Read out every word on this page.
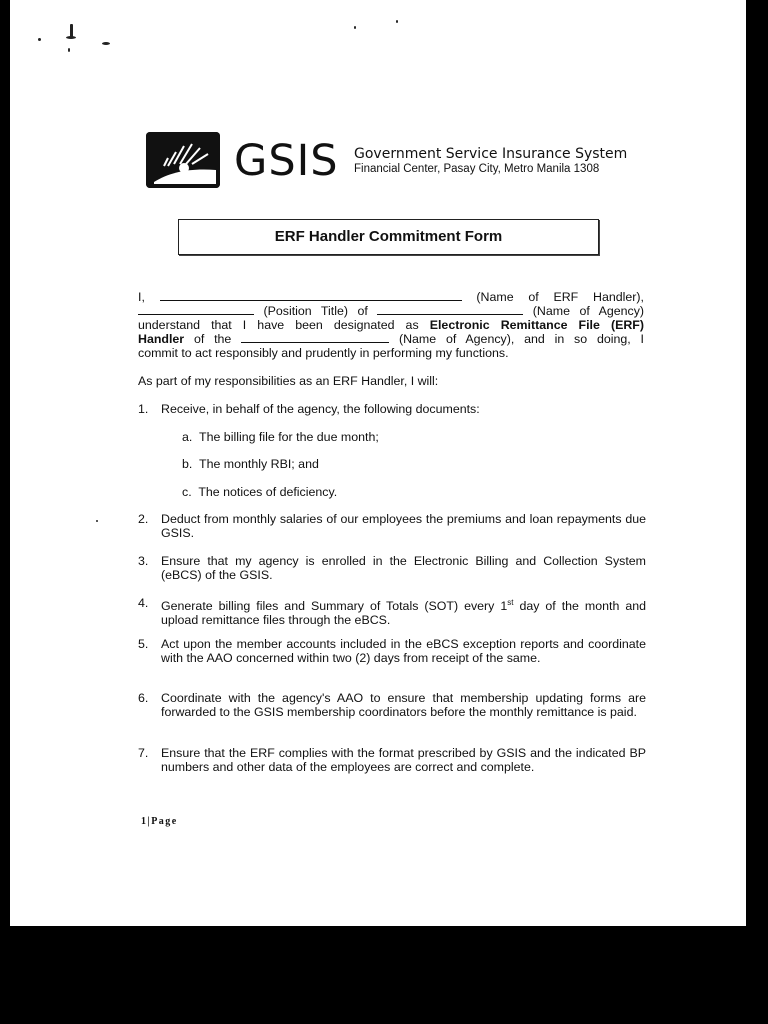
GSIS Government Service Insurance System
Financial Center, Pasay City, Metro Manila 1308
ERF Handler Commitment Form
I,	(Name of ERF Handler),
(Position Title) of	(Name of Agency)
understand that I have been designated as Electronic Remittance File (ERF)
Handler of the	(Name of Agency), and in so doing, I
commit to act responsibly and prudently in performing my functions.
As part of my responsibilities as an ERF Handler, I will:
1. Receive, in behalf of the agency, the following documents:
a. The billing file for the due month;
b. The monthly RBI; and
c. The notices of deficiency.
2. Deduct from monthly salaries of our employees the premiums and loan repayments due GSIS.
3. Ensure that my agency is enrolled in the Electronic Billing and Collection System (eBCS) of the GSIS.
4. Generate billing files and Summary of Totals (SOT) every 1st day of the month and upload remittance files through the eBCS.
5. Act upon the member accounts included in the eBCS exception reports and coordinate with the AAO concerned within two (2) days from receipt of the same.
6. Coordinate with the agency's AAO to ensure that membership updating forms are forwarded to the GSIS membership coordinators before the monthly remittance is paid.
7. Ensure that the ERF complies with the format prescribed by GSIS and the indicated BP numbers and other data of the employees are correct and complete.
1|Page
